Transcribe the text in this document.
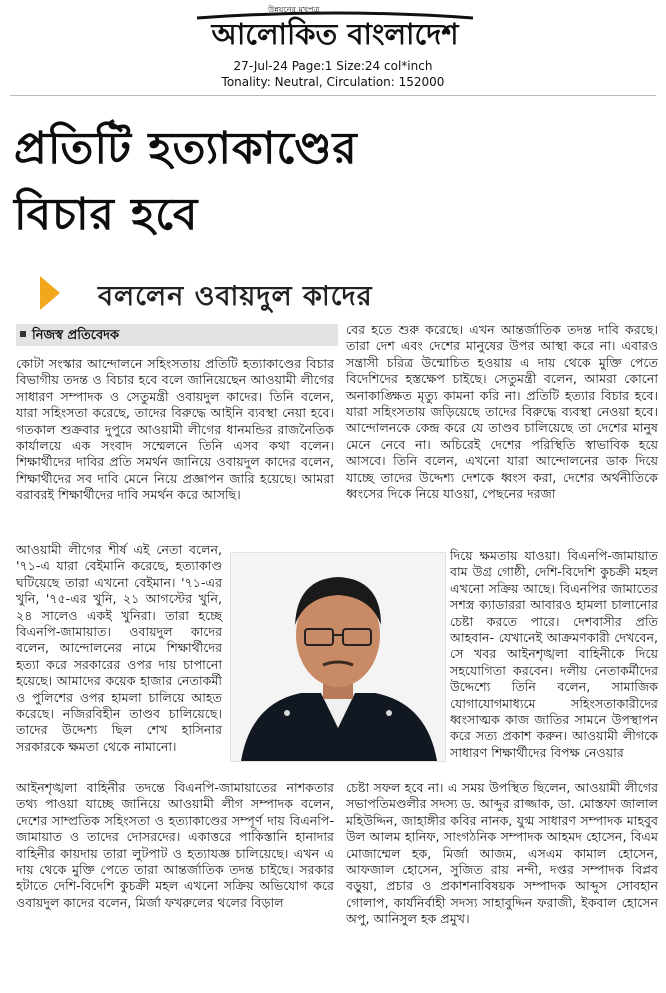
উন্নয়নের মুখপত্র
আলোকিত বাংলাদেশ
27-Jul-24 Page:1 Size:24 col*inch
Tonality: Neutral, Circulation: 152000
প্রতিটি হত্যাকাণ্ডের
বিচার হবে
বললেন ওবায়দুল কাদের
নিজস্ব প্রতিবেদক

কোটা সংস্কার আন্দোলনে সহিংসতায় প্রতিটি হত্যাকাণ্ডের বিচার বিভাগীয় তদন্ত ও বিচার হবে বলে জানিয়েছেন আওয়ামী লীগের সাধারণ সম্পাদক ও সেতুমন্ত্রী ওবায়দুল কাদের। তিনি বলেন, যারা সহিংসতা করেছে, তাদের বিরুদ্ধে আইনি ব্যবস্থা নেয়া হবে। গতকাল শুক্রবার দুপুরে আওয়ামী লীগের ধানমন্ডির রাজনৈতিক কার্যালয়ে এক সংবাদ সম্মেলনে তিনি এসব কথা বলেন। শিক্ষার্থীদের দাবির প্রতি সমর্থন জানিয়ে ওবায়দুল কাদের বলেন, শিক্ষার্থীদের সব দাবি মেনে নিয়ে প্রজ্ঞাপন জারি হয়েছে। আমরা বরাবরই শিক্ষার্থীদের দাবি সমর্থন করে আসছি।

আওয়ামী লীগের শীর্ষ এই নেতা বলেন, '৭১-এ যারা বেইমানি করেছে, হত্যাকাণ্ড ঘটিয়েছে তারা এখনো বেইমান। '৭১-এর খুনি, '৭৫-এর খুনি, ২১ আগস্টের খুনি, ২৪ সালেও একই খুনিরা। তারা হচ্ছে বিএনপি-জামায়াত। ওবায়দুল কাদের বলেন, আন্দোলনের নামে শিক্ষার্থীদের হত্যা করে সরকারের ওপর দায় চাপানো হয়েছে। আমাদের কয়েক হাজার নেতাকর্মী ও পুলিশের ওপর হামলা চালিয়ে আহত করেছে। নজিরবিহীন তাণ্ডব চালিয়েছে। তাদের উদ্দেশ্য ছিল শেখ হাসিনার সরকারকে ক্ষমতা থেকে নামানো।

আইনশৃঙ্খলা বাহিনীর তদন্তে বিএনপি-জামায়াতের নাশকতার তথ্য পাওয়া যাচ্ছে জানিয়ে আওয়ামী লীগ সম্পাদক বলেন, দেশের সাম্প্রতিক সহিংসতা ও হত্যাকাণ্ডের সম্পূর্ণ দায় বিএনপি-জামায়াত ও তাদের দোসরদের। একাত্তরে পাকিস্তানি হানাদার বাহিনীর কায়দায় তারা লুটপাট ও হত্যাযজ্ঞ চালিয়েছে। এখন এ দায় থেকে মুক্তি পেতে তারা আন্তর্জাতিক তদন্ত চাইছে। সরকার হটাতে দেশি-বিদেশি কুচক্রী মহল এখনো সক্রিয় অভিযোগ করে ওবায়দুল কাদের বলেন, মির্জা ফখরুলের থলের বিড়াল

বের হতে শুরু করেছে। এখন আন্তর্জাতিক তদন্ত দাবি করছে। তারা দেশ এবং দেশের মানুষের উপর আস্থা করে না। এবারও সন্ত্রাসী চরিত্র উন্মোচিত হওয়ায় এ দায় থেকে মুক্তি পেতে বিদেশিদের হস্তক্ষেপ চাইছে। সেতুমন্ত্রী বলেন, আমরা কোনো অনাকাঙ্ক্ষিত মৃত্যু কামনা করি না। প্রতিটি হত্যার বিচার হবে। যারা সহিংসতায় জড়িয়েছে তাদের বিরুদ্ধে ব্যবস্থা নেওয়া হবে। আন্দোলনকে কেন্দ্র করে যে তাণ্ডব চালিয়েছে তা দেশের মানুষ মেনে নেবে না। অচিরেই দেশের পরিস্থিতি স্বাভাবিক হয়ে আসবে। তিনি বলেন, এখনো যারা আন্দোলনের ডাক দিয়ে যাচ্ছে তাদের উদ্দেশ্য দেশকে ধ্বংস করা, দেশের অর্থনীতিকে ধ্বংসের দিকে নিয়ে যাওয়া, পেছনের দরজা

দিয়ে ক্ষমতায় যাওয়া। বিএনপি-জামায়াত বাম উগ্র গোষ্ঠী, দেশি-বিদেশি কুচক্রী মহল এখনো সক্রিয় আছে। বিএনপির জামাতের সশস্ত্র ক্যাডাররা আবারও হামলা চালানোর চেষ্টা করতে পারে। দেশবাসীর প্রতি আহবান- যেখানেই আক্রমণকারী দেখবেন, সে খবর আইনশৃঙ্খলা বাহিনীকে দিয়ে সহযোগিতা করবেন। দলীয় নেতাকর্মীদের উদ্দেশ্যে তিনি বলেন, সামাজিক যোগাযোগমাধ্যমে সহিংসতাকারীদের ধ্বংসাত্মক কাজ জাতির সামনে উপস্থাপন করে সত্য প্রকাশ করুন। আওয়ামী লীগকে সাধারণ শিক্ষার্থীদের বিপক্ষ নেওয়ার

চেষ্টা সফল হবে না। এ সময় উপস্থিত ছিলেন, আওয়ামী লীগের সভাপতিমণ্ডলীর সদস্য ড. আব্দুর রাজ্জাক, ডা. মোস্তফা জালাল মহিউদ্দিন, জাহাঙ্গীর কবির নানক, যুগ্ম সাধারণ সম্পাদক মাহবুব উল আলম হানিফ, সাংগঠনিক সম্পাদক আহমদ হোসেন, বিএম মোজাম্মেল হক, মির্জা আজম, এসএম কামাল হোসেন, আফজাল হোসেন, সুজিত রায় নন্দী, দপ্তর সম্পাদক বিপ্লব বড়ুয়া, প্রচার ও প্রকাশনাবিষয়ক সম্পাদক আব্দুস সোবহান গোলাপ, কার্যনির্বাহী সদস্য সাহাবুদ্দিন ফরাজী, ইকবাল হোসেন অপু, আনিসুল হক প্রমুখ।
